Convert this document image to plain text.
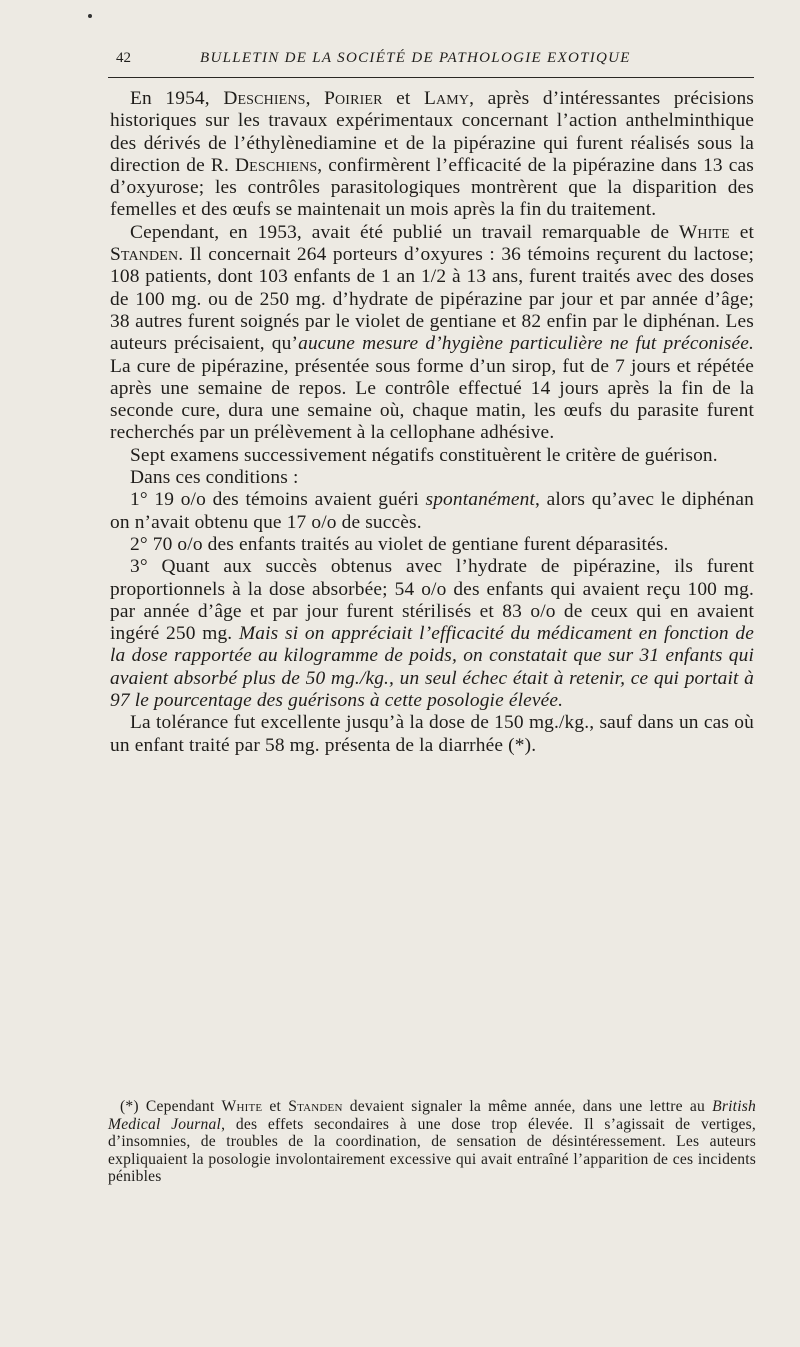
42	BULLETIN DE LA SOCIÉTÉ DE PATHOLOGIE EXOTIQUE

En 1954, Deschiens, Poirier et Lamy, après d’intéressantes précisions historiques sur les travaux expérimentaux concernant l’action anthelminthique des dérivés de l’éthylènediamine et de la pipérazine qui furent réalisés sous la direction de R. Deschiens, confirmèrent l’efficacité de la pipérazine dans 13 cas d’oxyurose; les contrôles parasitologiques montrèrent que la disparition des femelles et des œufs se maintenait un mois après la fin du traitement.

Cependant, en 1953, avait été publié un travail remarquable de White et Standen. Il concernait 264 porteurs d’oxyures : 36 témoins reçurent du lactose; 108 patients, dont 103 enfants de 1 an 1/2 à 13 ans, furent traités avec des doses de 100 mg. ou de 250 mg. d’hydrate de pipérazine par jour et par année d’âge; 38 autres furent soignés par le violet de gentiane et 82 enfin par le diphénan. Les auteurs précisaient, qu’aucune mesure d’hygiène particulière ne fut préconisée. La cure de pipérazine, présentée sous forme d’un sirop, fut de 7 jours et répétée après une semaine de repos. Le contrôle effectué 14 jours après la fin de la seconde cure, dura une semaine où, chaque matin, les œufs du parasite furent recherchés par un prélèvement à la cellophane adhésive.

Sept examens successivement négatifs constituèrent le critère de guérison.

Dans ces conditions :

1° 19 o/o des témoins avaient guéri spontanément, alors qu’avec le diphénan on n’avait obtenu que 17 o/o de succès.

2° 70 o/o des enfants traités au violet de gentiane furent déparasités.

3° Quant aux succès obtenus avec l’hydrate de pipérazine, ils furent proportionnels à la dose absorbée; 54 o/o des enfants qui avaient reçu 100 mg. par année d’âge et par jour furent stérilisés et 83 o/o de ceux qui en avaient ingéré 250 mg. Mais si on appréciait l’efficacité du médicament en fonction de la dose rapportée au kilogramme de poids, on constatait que sur 31 enfants qui avaient absorbé plus de 50 mg./kg., un seul échec était à retenir, ce qui portait à 97 le pourcentage des guérisons à cette posologie élevée.

La tolérance fut excellente jusqu’à la dose de 150 mg./kg., sauf dans un cas où un enfant traité par 58 mg. présenta de la diarrhée (*).

(*) Cependant White et Standen devaient signaler la même année, dans une lettre au British Medical Journal, des effets secondaires à une dose trop élevée. Il s’agissait de vertiges, d’insomnies, de troubles de la coordination, de sensation de désintéressement. Les auteurs expliquaient la posologie involontairement excessive qui avait entraîné l’apparition de ces incidents pénibles
